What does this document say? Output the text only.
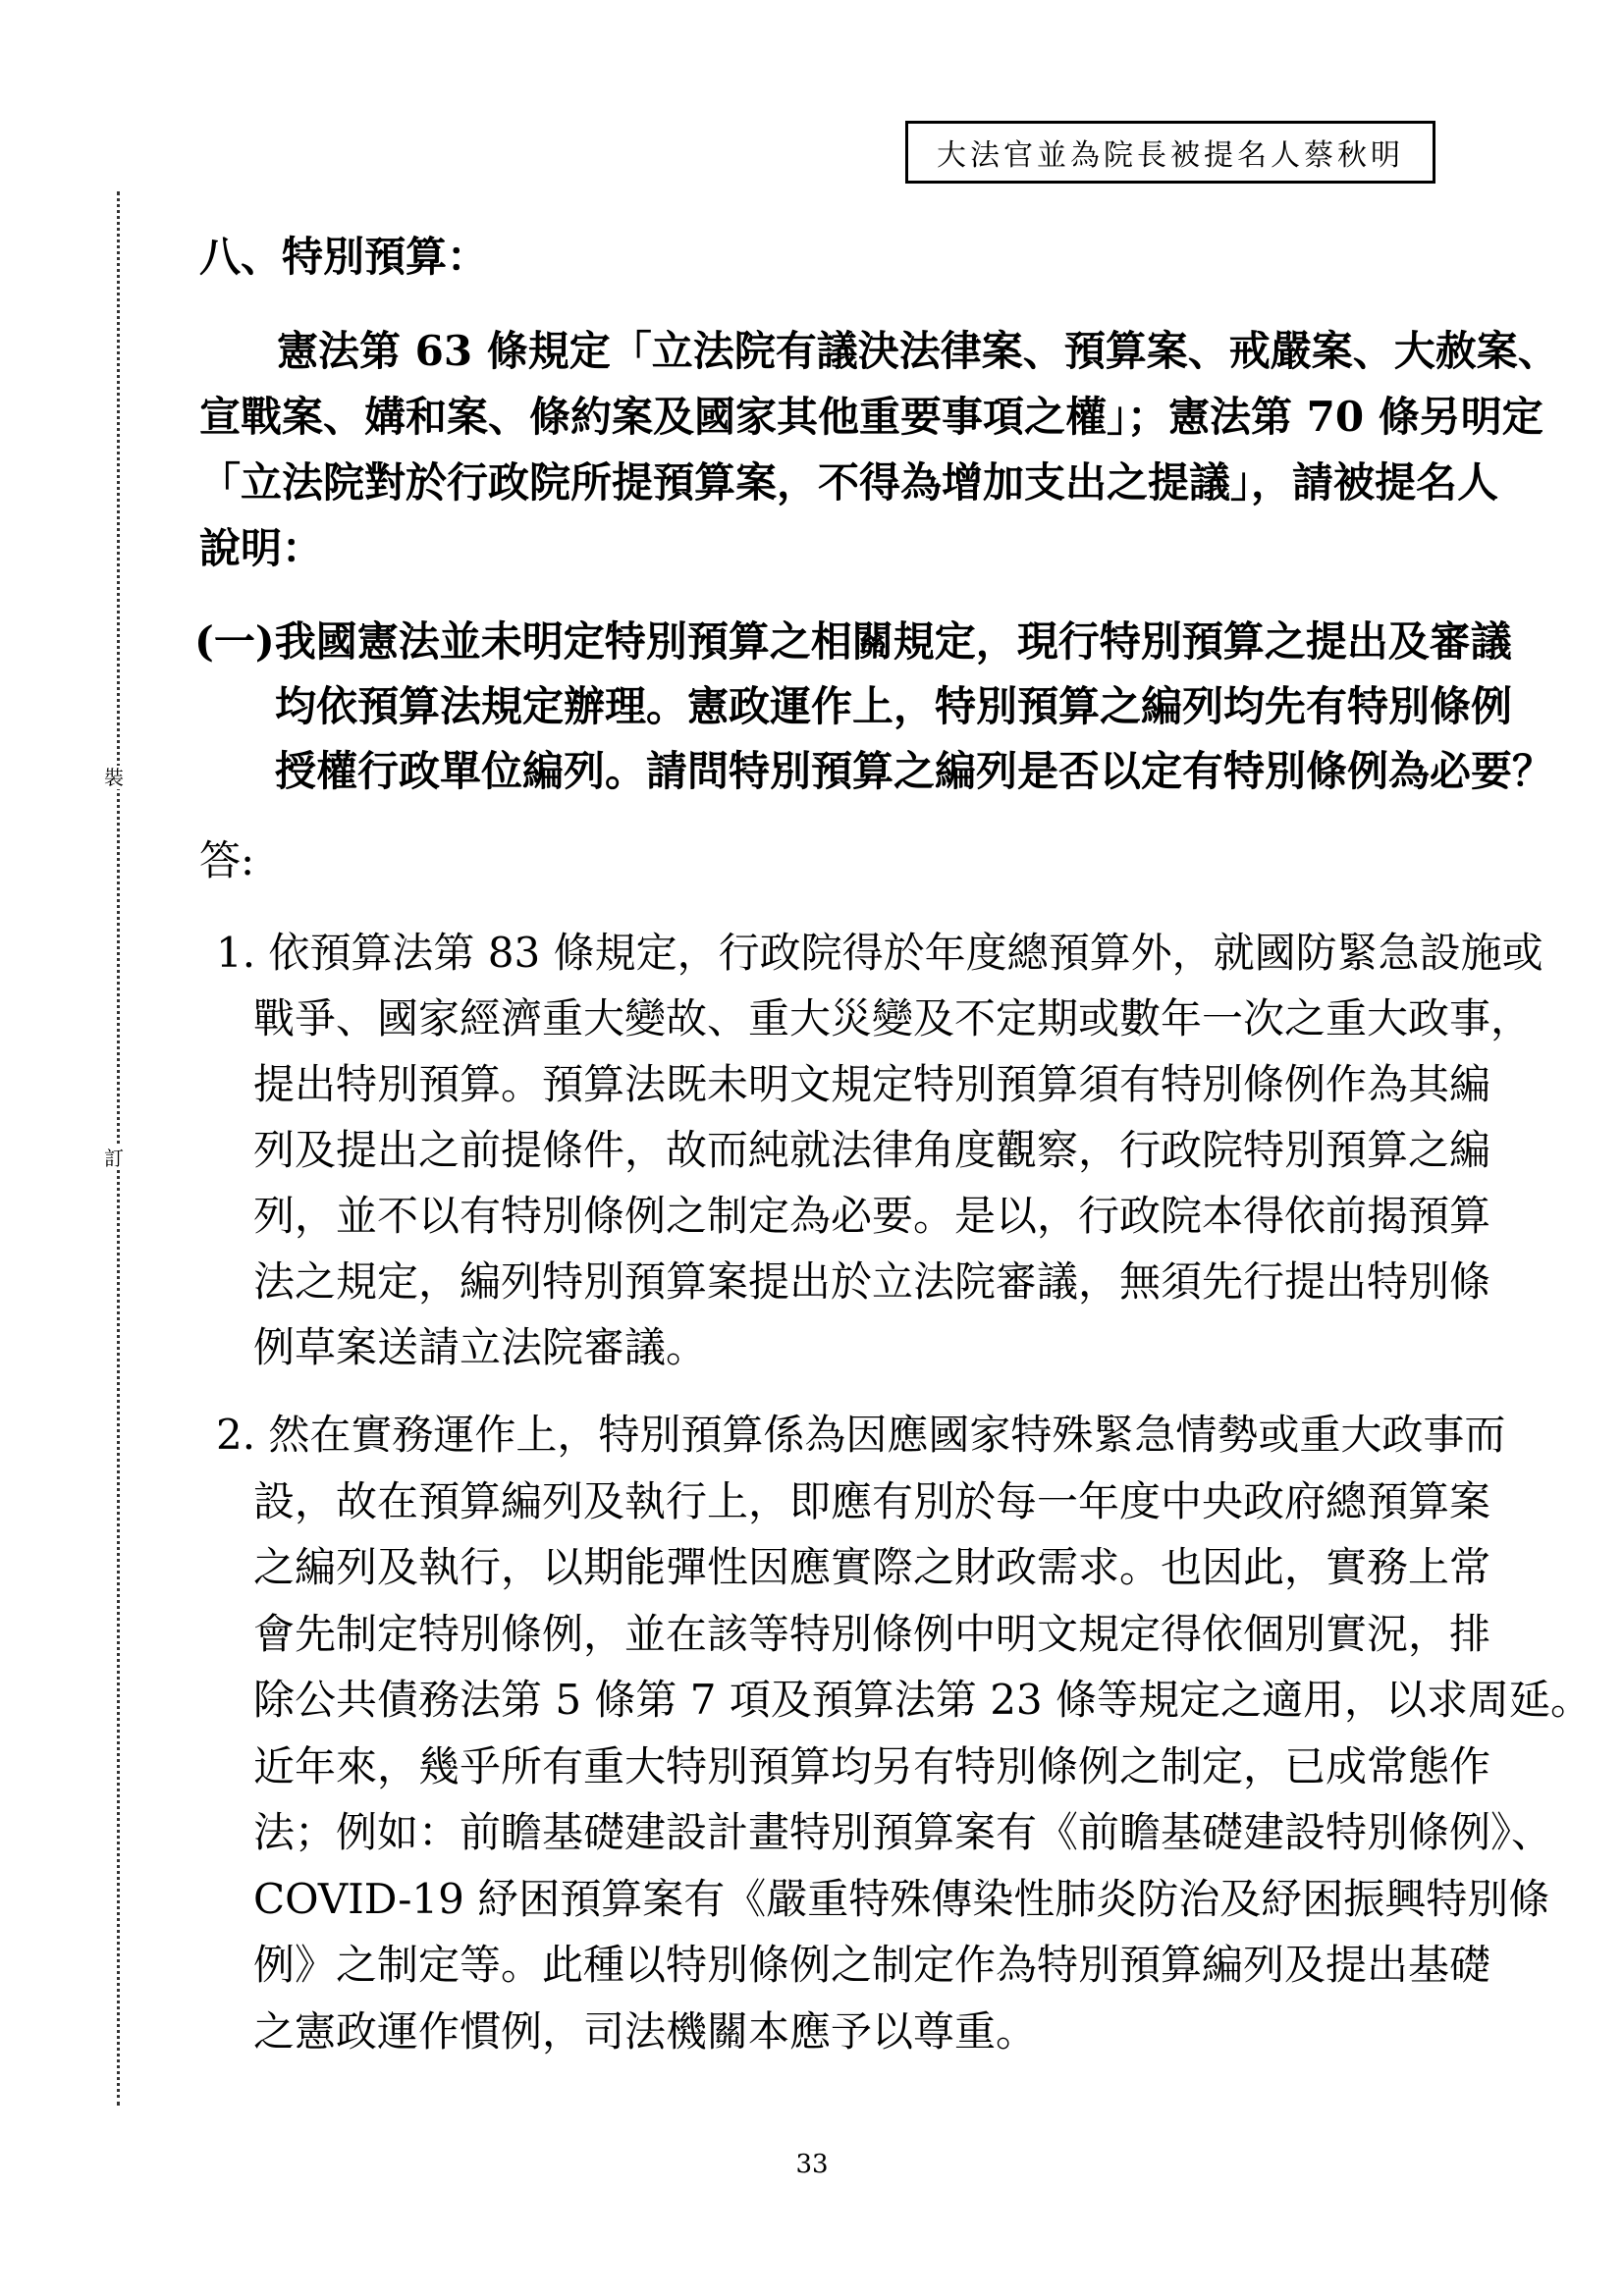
大法官並為院長被提名人蔡秋明
裝
訂
八、特別預算：
憲法第 63 條規定「立法院有議決法律案、預算案、戒嚴案、大赦案、
宣戰案、媾和案、條約案及國家其他重要事項之權」；憲法第 70 條另明定
「立法院對於行政院所提預算案，不得為增加支出之提議」，請被提名人
說明：
(一)我國憲法並未明定特別預算之相關規定，現行特別預算之提出及審議
均依預算法規定辦理。憲政運作上，特別預算之編列均先有特別條例
授權行政單位編列。請問特別預算之編列是否以定有特別條例為必要？
答:
1. 依預算法第 83 條規定，行政院得於年度總預算外，就國防緊急設施或
戰爭、國家經濟重大變故、重大災變及不定期或數年一次之重大政事，
提出特別預算。預算法既未明文規定特別預算須有特別條例作為其編
列及提出之前提條件，故而純就法律角度觀察，行政院特別預算之編
列，並不以有特別條例之制定為必要。是以，行政院本得依前揭預算
法之規定，編列特別預算案提出於立法院審議，無須先行提出特別條
例草案送請立法院審議。
2. 然在實務運作上，特別預算係為因應國家特殊緊急情勢或重大政事而
設，故在預算編列及執行上，即應有別於每一年度中央政府總預算案
之編列及執行，以期能彈性因應實際之財政需求。也因此，實務上常
會先制定特別條例，並在該等特別條例中明文規定得依個別實況，排
除公共債務法第 5 條第 7 項及預算法第 23 條等規定之適用，以求周延。
近年來，幾乎所有重大特別預算均另有特別條例之制定，已成常態作
法；例如：前瞻基礎建設計畫特別預算案有《前瞻基礎建設特別條例》、
COVID-19 紓困預算案有《嚴重特殊傳染性肺炎防治及紓困振興特別條
例》之制定等。此種以特別條例之制定作為特別預算編列及提出基礎
之憲政運作慣例，司法機關本應予以尊重。
33
